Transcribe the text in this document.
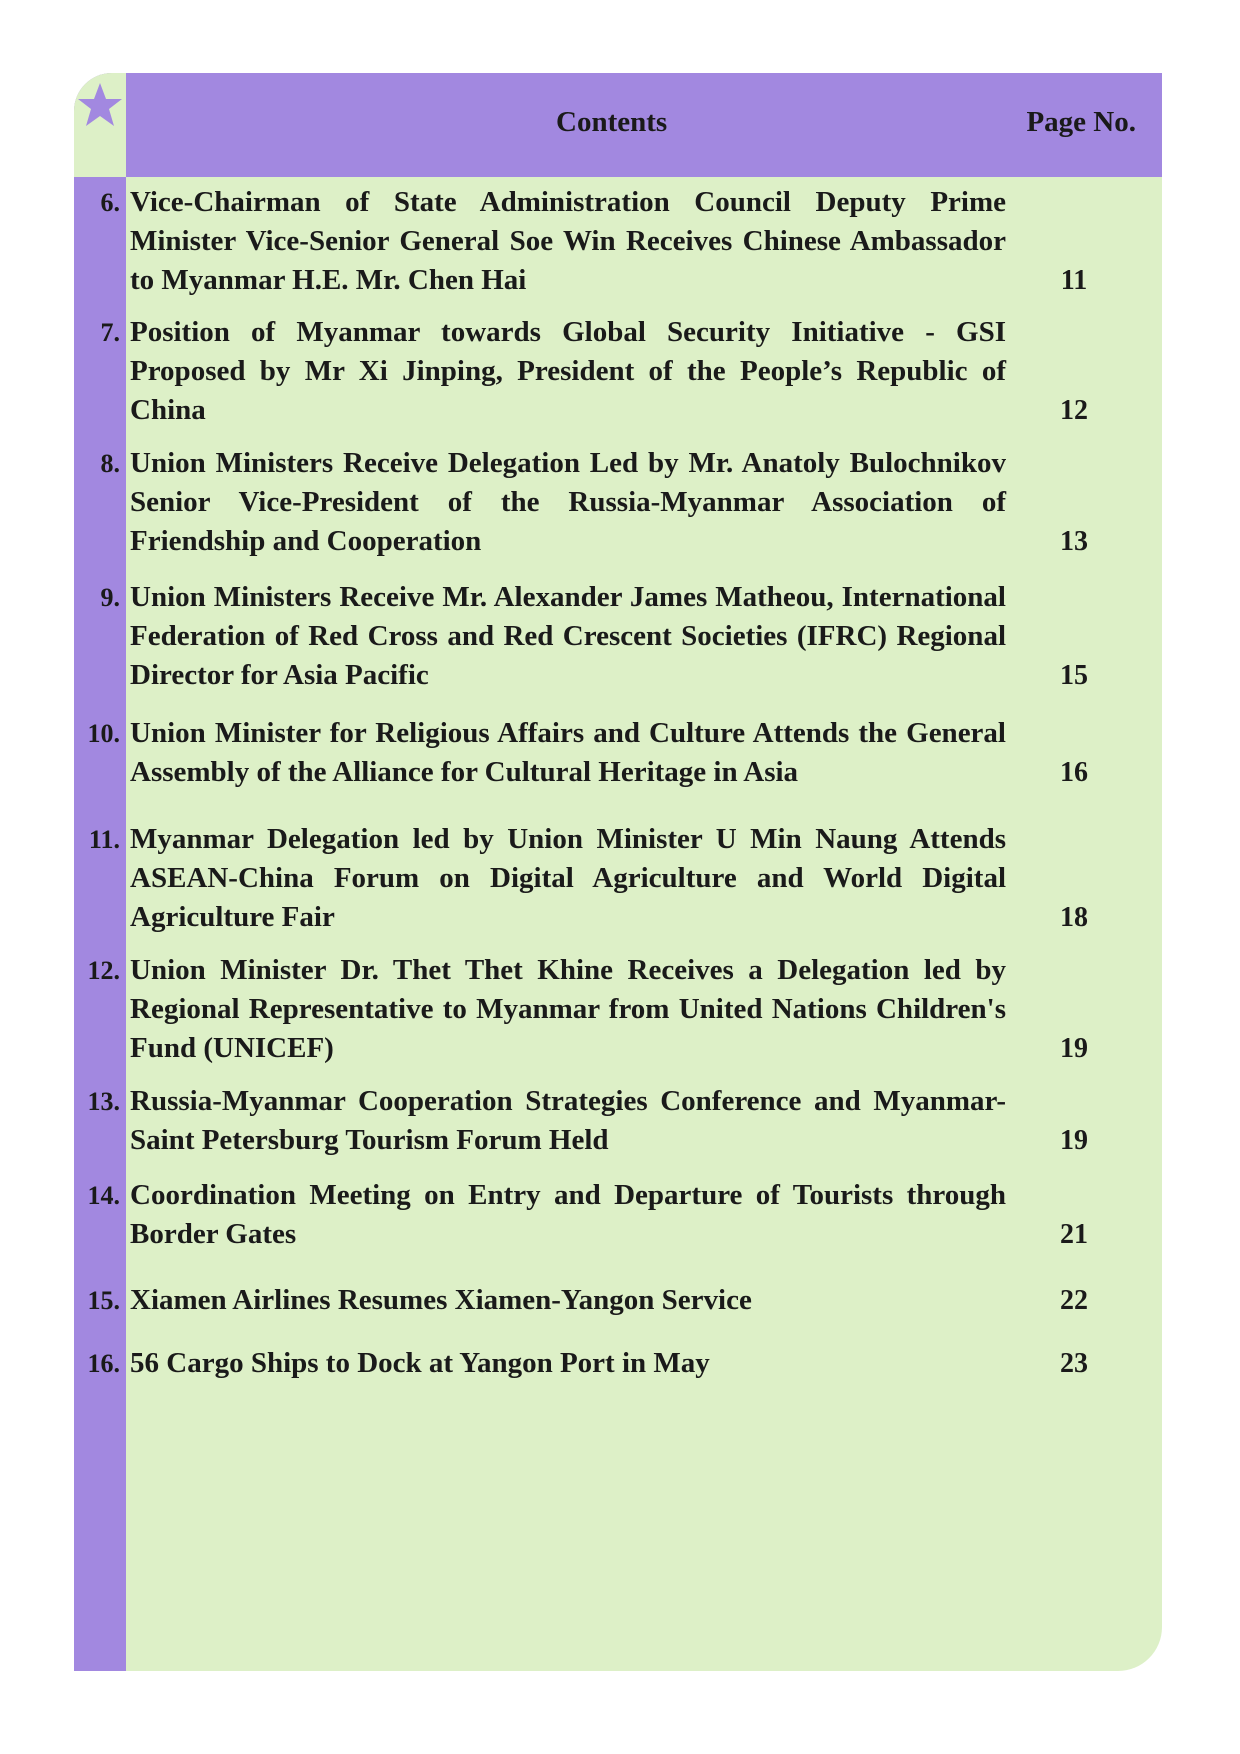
Contents	Page No.
6. Vice-Chairman of State Administration Council Deputy Prime Minister Vice-Senior General Soe Win Receives Chinese Ambassador to Myanmar H.E. Mr. Chen Hai	11
7. Position of Myanmar towards Global Security Initiative - GSI Proposed by Mr Xi Jinping, President of the People’s Republic of China	12
8. Union Ministers Receive Delegation Led by Mr. Anatoly Bulochnikov Senior Vice-President of the Russia-Myanmar Association of Friendship and Cooperation	13
9. Union Ministers Receive Mr. Alexander James Matheou, International Federation of Red Cross and Red Crescent Societies (IFRC) Regional Director for Asia Pacific	15
10. Union Minister for Religious Affairs and Culture Attends the General Assembly of the Alliance for Cultural Heritage in Asia	16
11. Myanmar Delegation led by Union Minister U Min Naung Attends ASEAN-China Forum on Digital Agriculture and World Digital Agriculture Fair	18
12. Union Minister Dr. Thet Thet Khine Receives a Delegation led by Regional Representative to Myanmar from United Nations Children's Fund (UNICEF)	19
13. Russia-Myanmar Cooperation Strategies Conference and Myanmar-Saint Petersburg Tourism Forum Held	19
14. Coordination Meeting on Entry and Departure of Tourists through Border Gates	21
15. Xiamen Airlines Resumes Xiamen-Yangon Service	22
16. 56 Cargo Ships to Dock at Yangon Port in May	23
